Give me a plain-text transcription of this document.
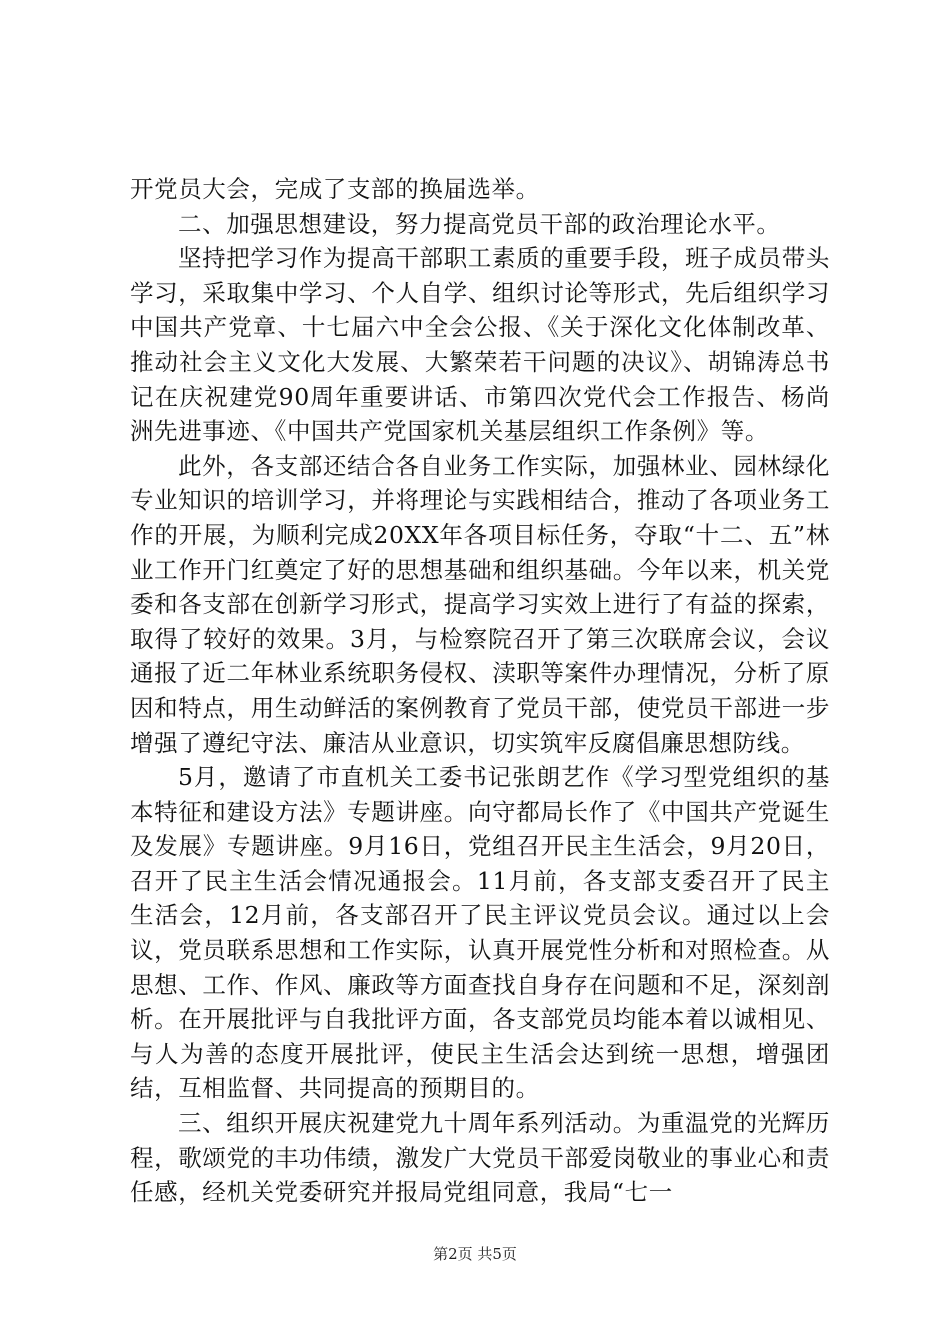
开党员大会，完成了支部的换届选举。

二、加强思想建设，努力提高党员干部的政治理论水平。

坚持把学习作为提高干部职工素质的重要手段，班子成员带头学习，采取集中学习、个人自学、组织讨论等形式，先后组织学习中国共产党章、十七届六中全会公报、《关于深化文化体制改革、推动社会主义文化大发展、大繁荣若干问题的决议》、胡锦涛总书记在庆祝建党90周年重要讲话、市第四次党代会工作报告、杨尚洲先进事迹、《中国共产党国家机关基层组织工作条例》等。

此外，各支部还结合各自业务工作实际，加强林业、园林绿化专业知识的培训学习，并将理论与实践相结合，推动了各项业务工作的开展，为顺利完成20XX年各项目标任务，夺取“十二、五”林业工作开门红奠定了好的思想基础和组织基础。今年以来，机关党委和各支部在创新学习形式，提高学习实效上进行了有益的探索，取得了较好的效果。3月，与检察院召开了第三次联席会议，会议通报了近二年林业系统职务侵权、渎职等案件办理情况，分析了原因和特点，用生动鲜活的案例教育了党员干部，使党员干部进一步增强了遵纪守法、廉洁从业意识，切实筑牢反腐倡廉思想防线。

5月，邀请了市直机关工委书记张朗艺作《学习型党组织的基本特征和建设方法》专题讲座。向守都局长作了《中国共产党诞生及发展》专题讲座。9月16日，党组召开民主生活会，9月20日，召开了民主生活会情况通报会。11月前，各支部支委召开了民主生活会，12月前，各支部召开了民主评议党员会议。通过以上会议，党员联系思想和工作实际，认真开展党性分析和对照检查。从思想、工作、作风、廉政等方面查找自身存在问题和不足，深刻剖析。在开展批评与自我批评方面，各支部党员均能本着以诚相见、与人为善的态度开展批评，使民主生活会达到统一思想，增强团结，互相监督、共同提高的预期目的。

三、组织开展庆祝建党九十周年系列活动。为重温党的光辉历程，歌颂党的丰功伟绩，激发广大党员干部爱岗敬业的事业心和责任感，经机关党委研究并报局党组同意，我局“七一

第2页 共5页
